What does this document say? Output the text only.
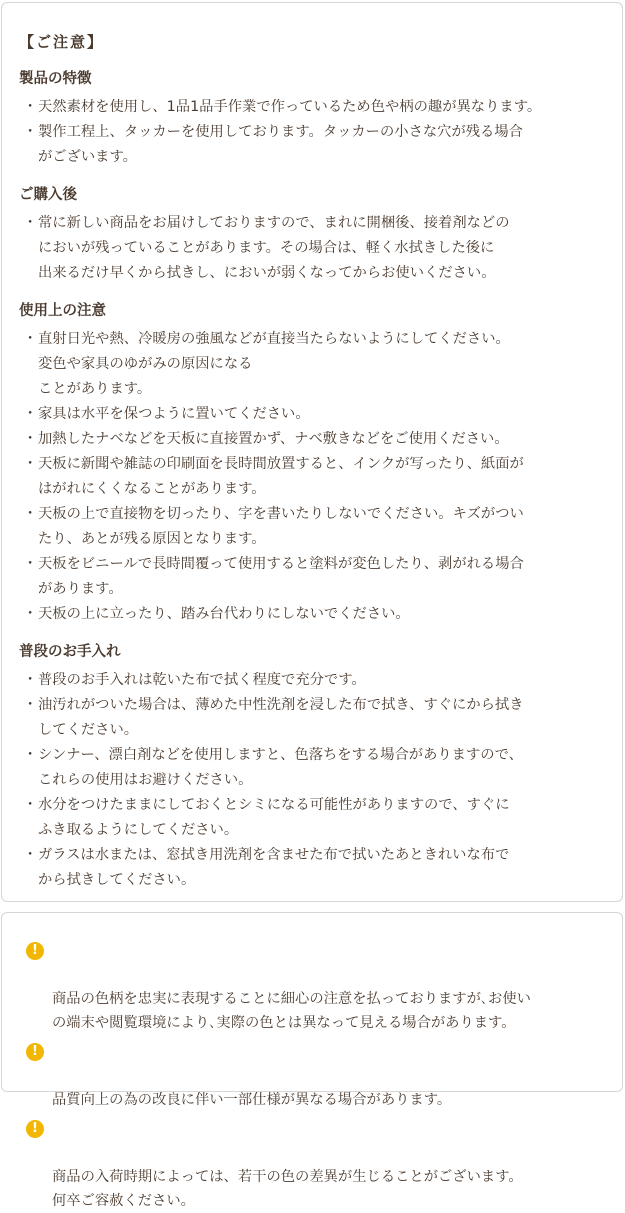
【ご注意】
製品の特徴
・ 天然素材を使用し、1品1品手作業で作っているため色や柄の趣が異なります。
・ 製作工程上、タッカーを使用しております。タッカーの小さな穴が残る場合
がございます。
ご購入後
・ 常に新しい商品をお届けしておりますので、まれに開梱後、接着剤などの
においが残っていることがあります。その場合は、軽く水拭きした後に
出来るだけ早くから拭きし、においが弱くなってからお使いください。
使用上の注意
・ 直射日光や熱、冷暖房の強風などが直接当たらないようにしてください。
変色や家具のゆがみの原因になる
ことがあります。
・ 家具は水平を保つように置いてください。
・ 加熱したナベなどを天板に直接置かず、ナベ敷きなどをご使用ください。
・ 天板に新聞や雑誌の印刷面を長時間放置すると、インクが写ったり、紙面が
はがれにくくなることがあります。
・ 天板の上で直接物を切ったり、字を書いたりしないでください。キズがつい
たり、あとが残る原因となります。
・ 天板をビニールで長時間覆って使用すると塗料が変色したり、剥がれる場合
があります。
・ 天板の上に立ったり、踏み台代わりにしないでください。
普段のお手入れ
・ 普段のお手入れは乾いた布で拭く程度で充分です。
・ 油汚れがついた場合は、薄めた中性洗剤を浸した布で拭き、すぐにから拭き
してください。
・ シンナー、漂白剤などを使用しますと、色落ちをする場合がありますので、
これらの使用はお避けください。
・ 水分をつけたままにしておくとシミになる可能性がありますので、すぐに
ふき取るようにしてください。
・ ガラスは水または、窓拭き用洗剤を含ませた布で拭いたあときれいな布で
から拭きしてください。

!

商品の色柄を忠実に表現することに細心の注意を払っておりますが､お使い
の端末や閲覧環境により､実際の色とは異なって見える場合があります。

!

品質向上の為の改良に伴い一部仕様が異なる場合があります。

!

商品の入荷時期によっては、若干の色の差異が生じることがございます。
何卒ご容赦ください。
